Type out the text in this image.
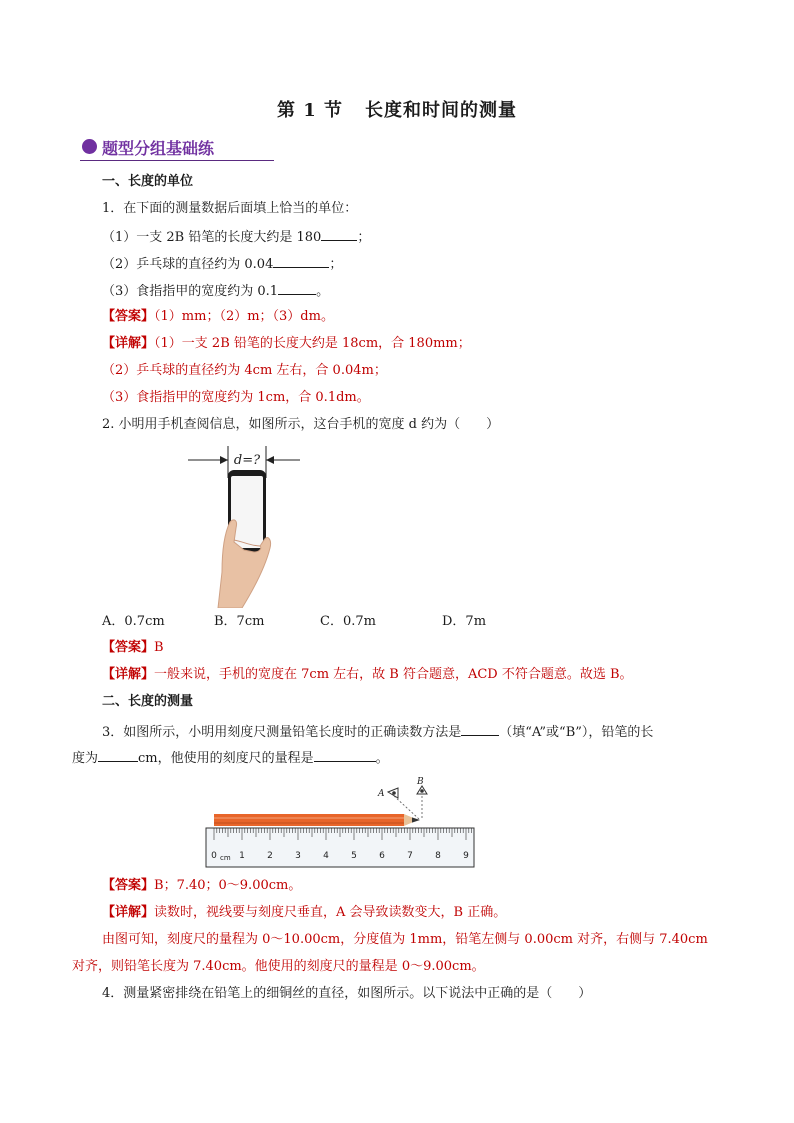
第 1 节 长度和时间的测量
题型分组基础练
一、长度的单位
1．在下面的测量数据后面填上恰当的单位：
（1）一支 2B 铅笔的长度大约是 180	；
（2）乒乓球的直径约为 0.04	；
（3）食指指甲的宽度约为 0.1	。
【答案】（1）mm；（2）m；（3）dm。
【详解】（1）一支 2B 铅笔的长度大约是 18cm，合 180mm；
（2）乒乓球的直径约为 4cm 左右，合 0.04m；
（3）食指指甲的宽度约为 1cm，合 0.1dm。
2. 小明用手机查阅信息，如图所示，这台手机的宽度 d 约为（　　）
d=?
A．0.7cm	B．7cm	C．0.7m	D．7m
【答案】B
【详解】一般来说，手机的宽度在 7cm 左右，故 B 符合题意，ACD 不符合题意。故选 B。
二、长度的测量
3．如图所示，小明用刻度尺测量铅笔长度时的正确读数方法是	（填“A”或“B”），铅笔的长
度为	cm，他使用的刻度尺的量程是	。
0 1 2 3 4 5 6 7 8 9
cm
A
B
【答案】B；7.40；0～9.00cm。
【详解】读数时，视线要与刻度尺垂直，A 会导致读数变大，B 正确。
由图可知，刻度尺的量程为 0～10.00cm，分度值为 1mm，铅笔左侧与 0.00cm 对齐，右侧与 7.40cm
对齐，则铅笔长度为 7.40cm。他使用的刻度尺的量程是 0～9.00cm。
4．测量紧密排绕在铅笔上的细铜丝的直径，如图所示。以下说法中正确的是（　　）
